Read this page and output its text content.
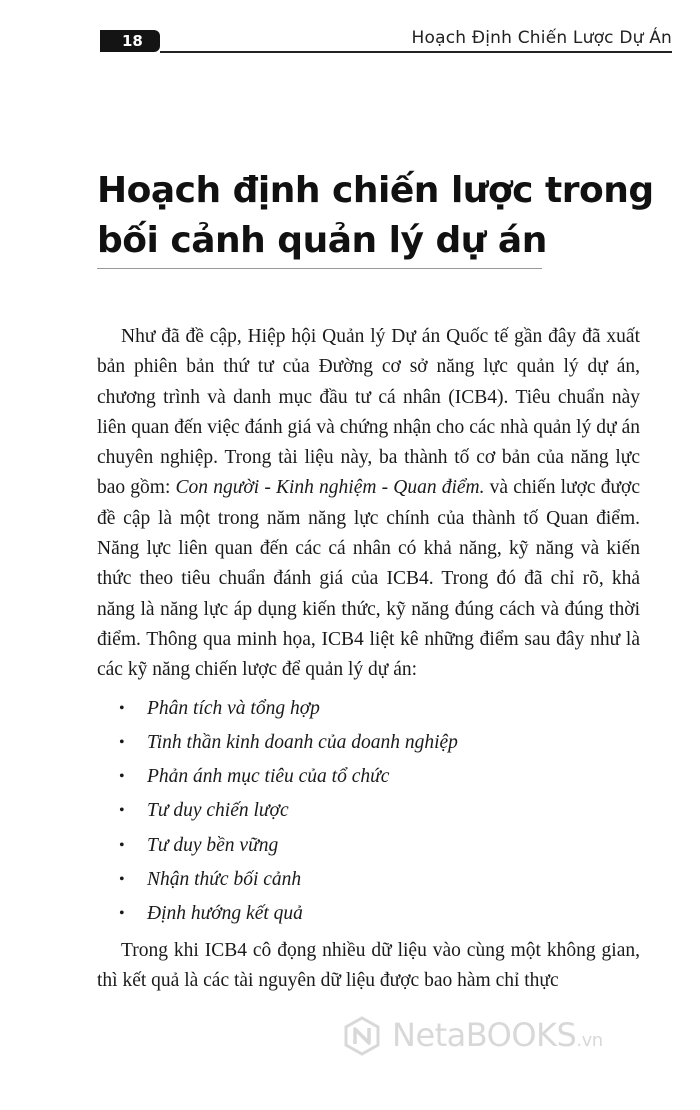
18	Hoạch Định Chiến Lược Dự Án
Hoạch định chiến lược trong bối cảnh quản lý dự án

Như đã đề cập, Hiệp hội Quản lý Dự án Quốc tế gần đây đã xuất bản phiên bản thứ tư của Đường cơ sở năng lực quản lý dự án, chương trình và danh mục đầu tư cá nhân (ICB4). Tiêu chuẩn này liên quan đến việc đánh giá và chứng nhận cho các nhà quản lý dự án chuyên nghiệp. Trong tài liệu này, ba thành tố cơ bản của năng lực bao gồm: Con người - Kinh nghiệm - Quan điểm. và chiến lược được đề cập là một trong năm năng lực chính của thành tố Quan điểm. Năng lực liên quan đến các cá nhân có khả năng, kỹ năng và kiến thức theo tiêu chuẩn đánh giá của ICB4. Trong đó đã chỉ rõ, khả năng là năng lực áp dụng kiến thức, kỹ năng đúng cách và đúng thời điểm. Thông qua minh họa, ICB4 liệt kê những điểm sau đây như là các kỹ năng chiến lược để quản lý dự án:

• Phân tích và tổng hợp
• Tinh thần kinh doanh của doanh nghiệp
• Phản ánh mục tiêu của tổ chức
• Tư duy chiến lược
• Tư duy bền vững
• Nhận thức bối cảnh
• Định hướng kết quả

Trong khi ICB4 cô đọng nhiều dữ liệu vào cùng một không gian, thì kết quả là các tài nguyên dữ liệu được bao hàm chỉ thực

NetaBOOKS.vn
